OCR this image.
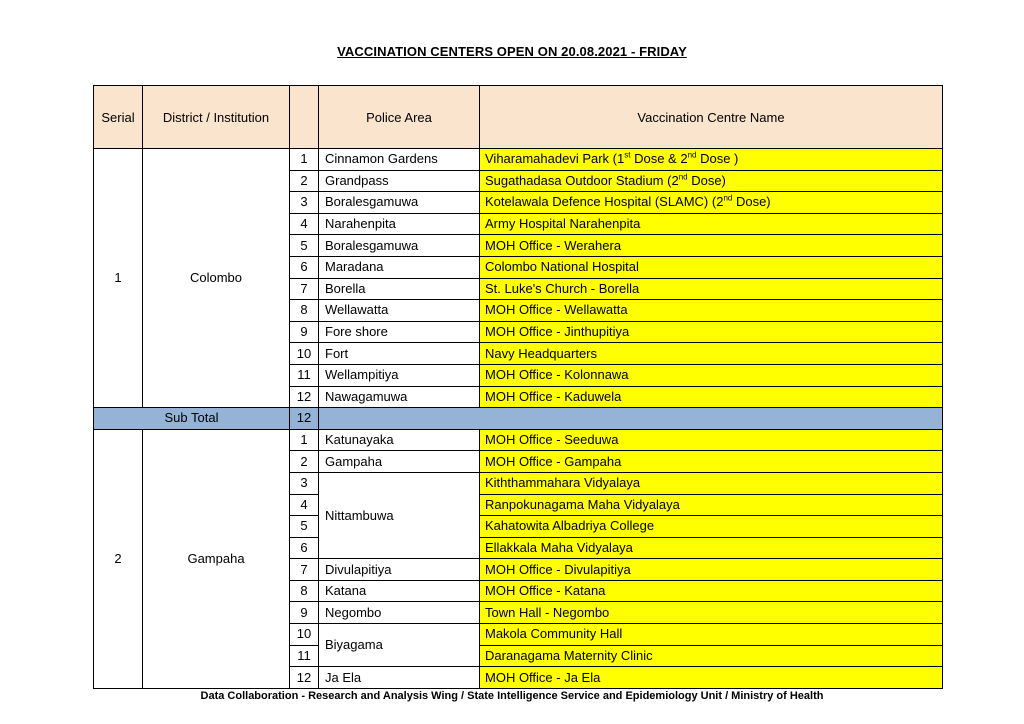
VACCINATION CENTERS OPEN ON 20.08.2021 - FRIDAY
Serial	District / Institution		Police Area	Vaccination Centre Name
1	Colombo	1	Cinnamon Gardens	Viharamahadevi Park (1st Dose & 2nd Dose )
		2	Grandpass	Sugathadasa Outdoor Stadium (2nd Dose)
		3	Boralesgamuwa	Kotelawala Defence Hospital (SLAMC) (2nd Dose)
		4	Narahenpita	Army Hospital Narahenpita
		5	Boralesgamuwa	MOH Office - Werahera
		6	Maradana	Colombo National Hospital
		7	Borella	St. Luke's Church - Borella
		8	Wellawatta	MOH Office - Wellawatta
		9	Fore shore	MOH Office - Jinthupitiya
		10	Fort	Navy Headquarters
		11	Wellampitiya	MOH Office - Kolonnawa
		12	Nawagamuwa	MOH Office - Kaduwela
Sub Total		12		
2	Gampaha	1	Katunayaka	MOH Office - Seeduwa
		2	Gampaha	MOH Office - Gampaha
		3	Nittambuwa	Kiththammahara Vidyalaya
		4		Ranpokunagama Maha Vidyalaya
		5		Kahatowita Albadriya College
		6		Ellakkala Maha Vidyalaya
		7	Divulapitiya	MOH Office - Divulapitiya
		8	Katana	MOH Office - Katana
		9	Negombo	Town Hall - Negombo
		10	Biyagama	Makola Community Hall
		11		Daranagama Maternity Clinic
		12	Ja Ela	MOH Office - Ja Ela
Data Collaboration - Research and Analysis Wing / State Intelligence Service and Epidemiology Unit / Ministry of Health
